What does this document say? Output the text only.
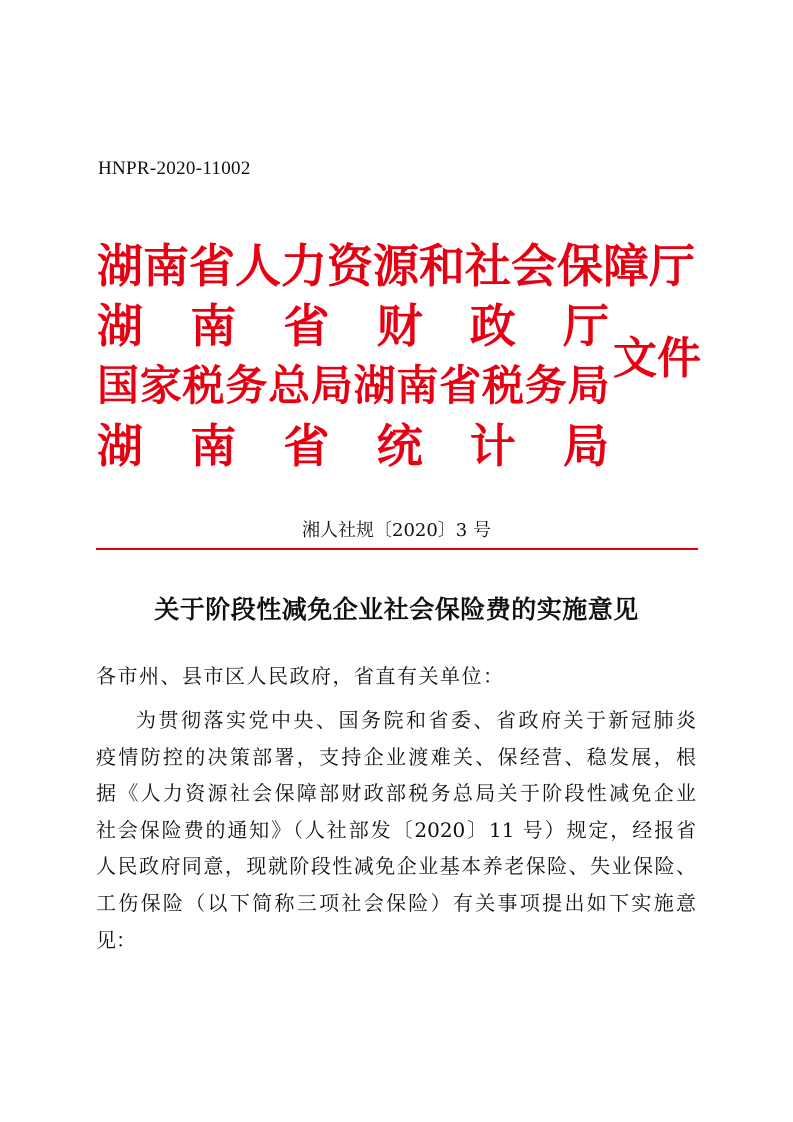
HNPR-2020-11002
湖南省人力资源和社会保障厅
湖　南　省　财　政　厅
国家税务总局湖南省税务局
湖　南　省　统　计　局
文件
湘人社规〔2020〕3 号
关于阶段性减免企业社会保险费的实施意见
各市州、县市区人民政府，省直有关单位：
为贯彻落实党中央、国务院和省委、省政府关于新冠肺炎
疫情防控的决策部署，支持企业渡难关、保经营、稳发展，根
据《人力资源社会保障部财政部税务总局关于阶段性减免企业
社会保险费的通知》（人社部发〔2020〕11 号）规定，经报省
人民政府同意，现就阶段性减免企业基本养老保险、失业保险、
工伤保险（以下简称三项社会保险）有关事项提出如下实施意
见：
